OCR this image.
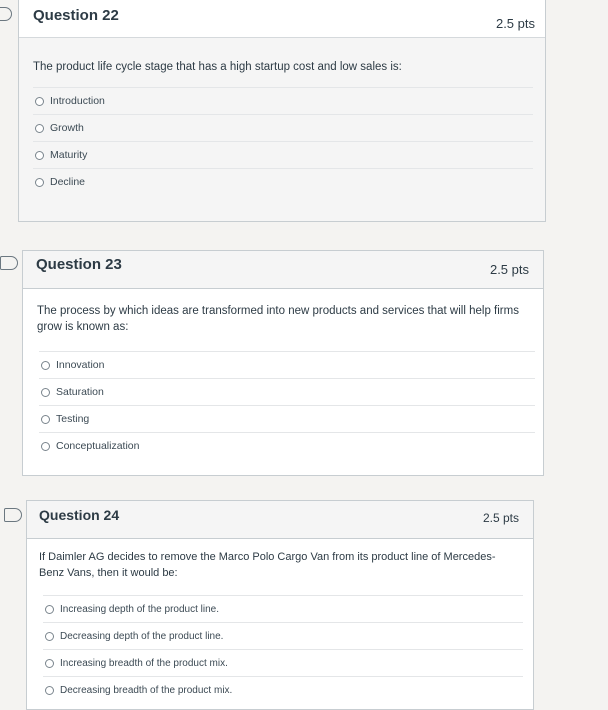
Question 22	2.5 pts
The product life cycle stage that has a high startup cost and low sales is:
Introduction
Growth
Maturity
Decline
Question 23	2.5 pts
The process by which ideas are transformed into new products and services that will help firms grow is known as:
Innovation
Saturation
Testing
Conceptualization
Question 24	2.5 pts
If Daimler AG decides to remove the Marco Polo Cargo Van from its product line of Mercedes-Benz Vans, then it would be:
Increasing depth of the product line.
Decreasing depth of the product line.
Increasing breadth of the product mix.
Decreasing breadth of the product mix.
